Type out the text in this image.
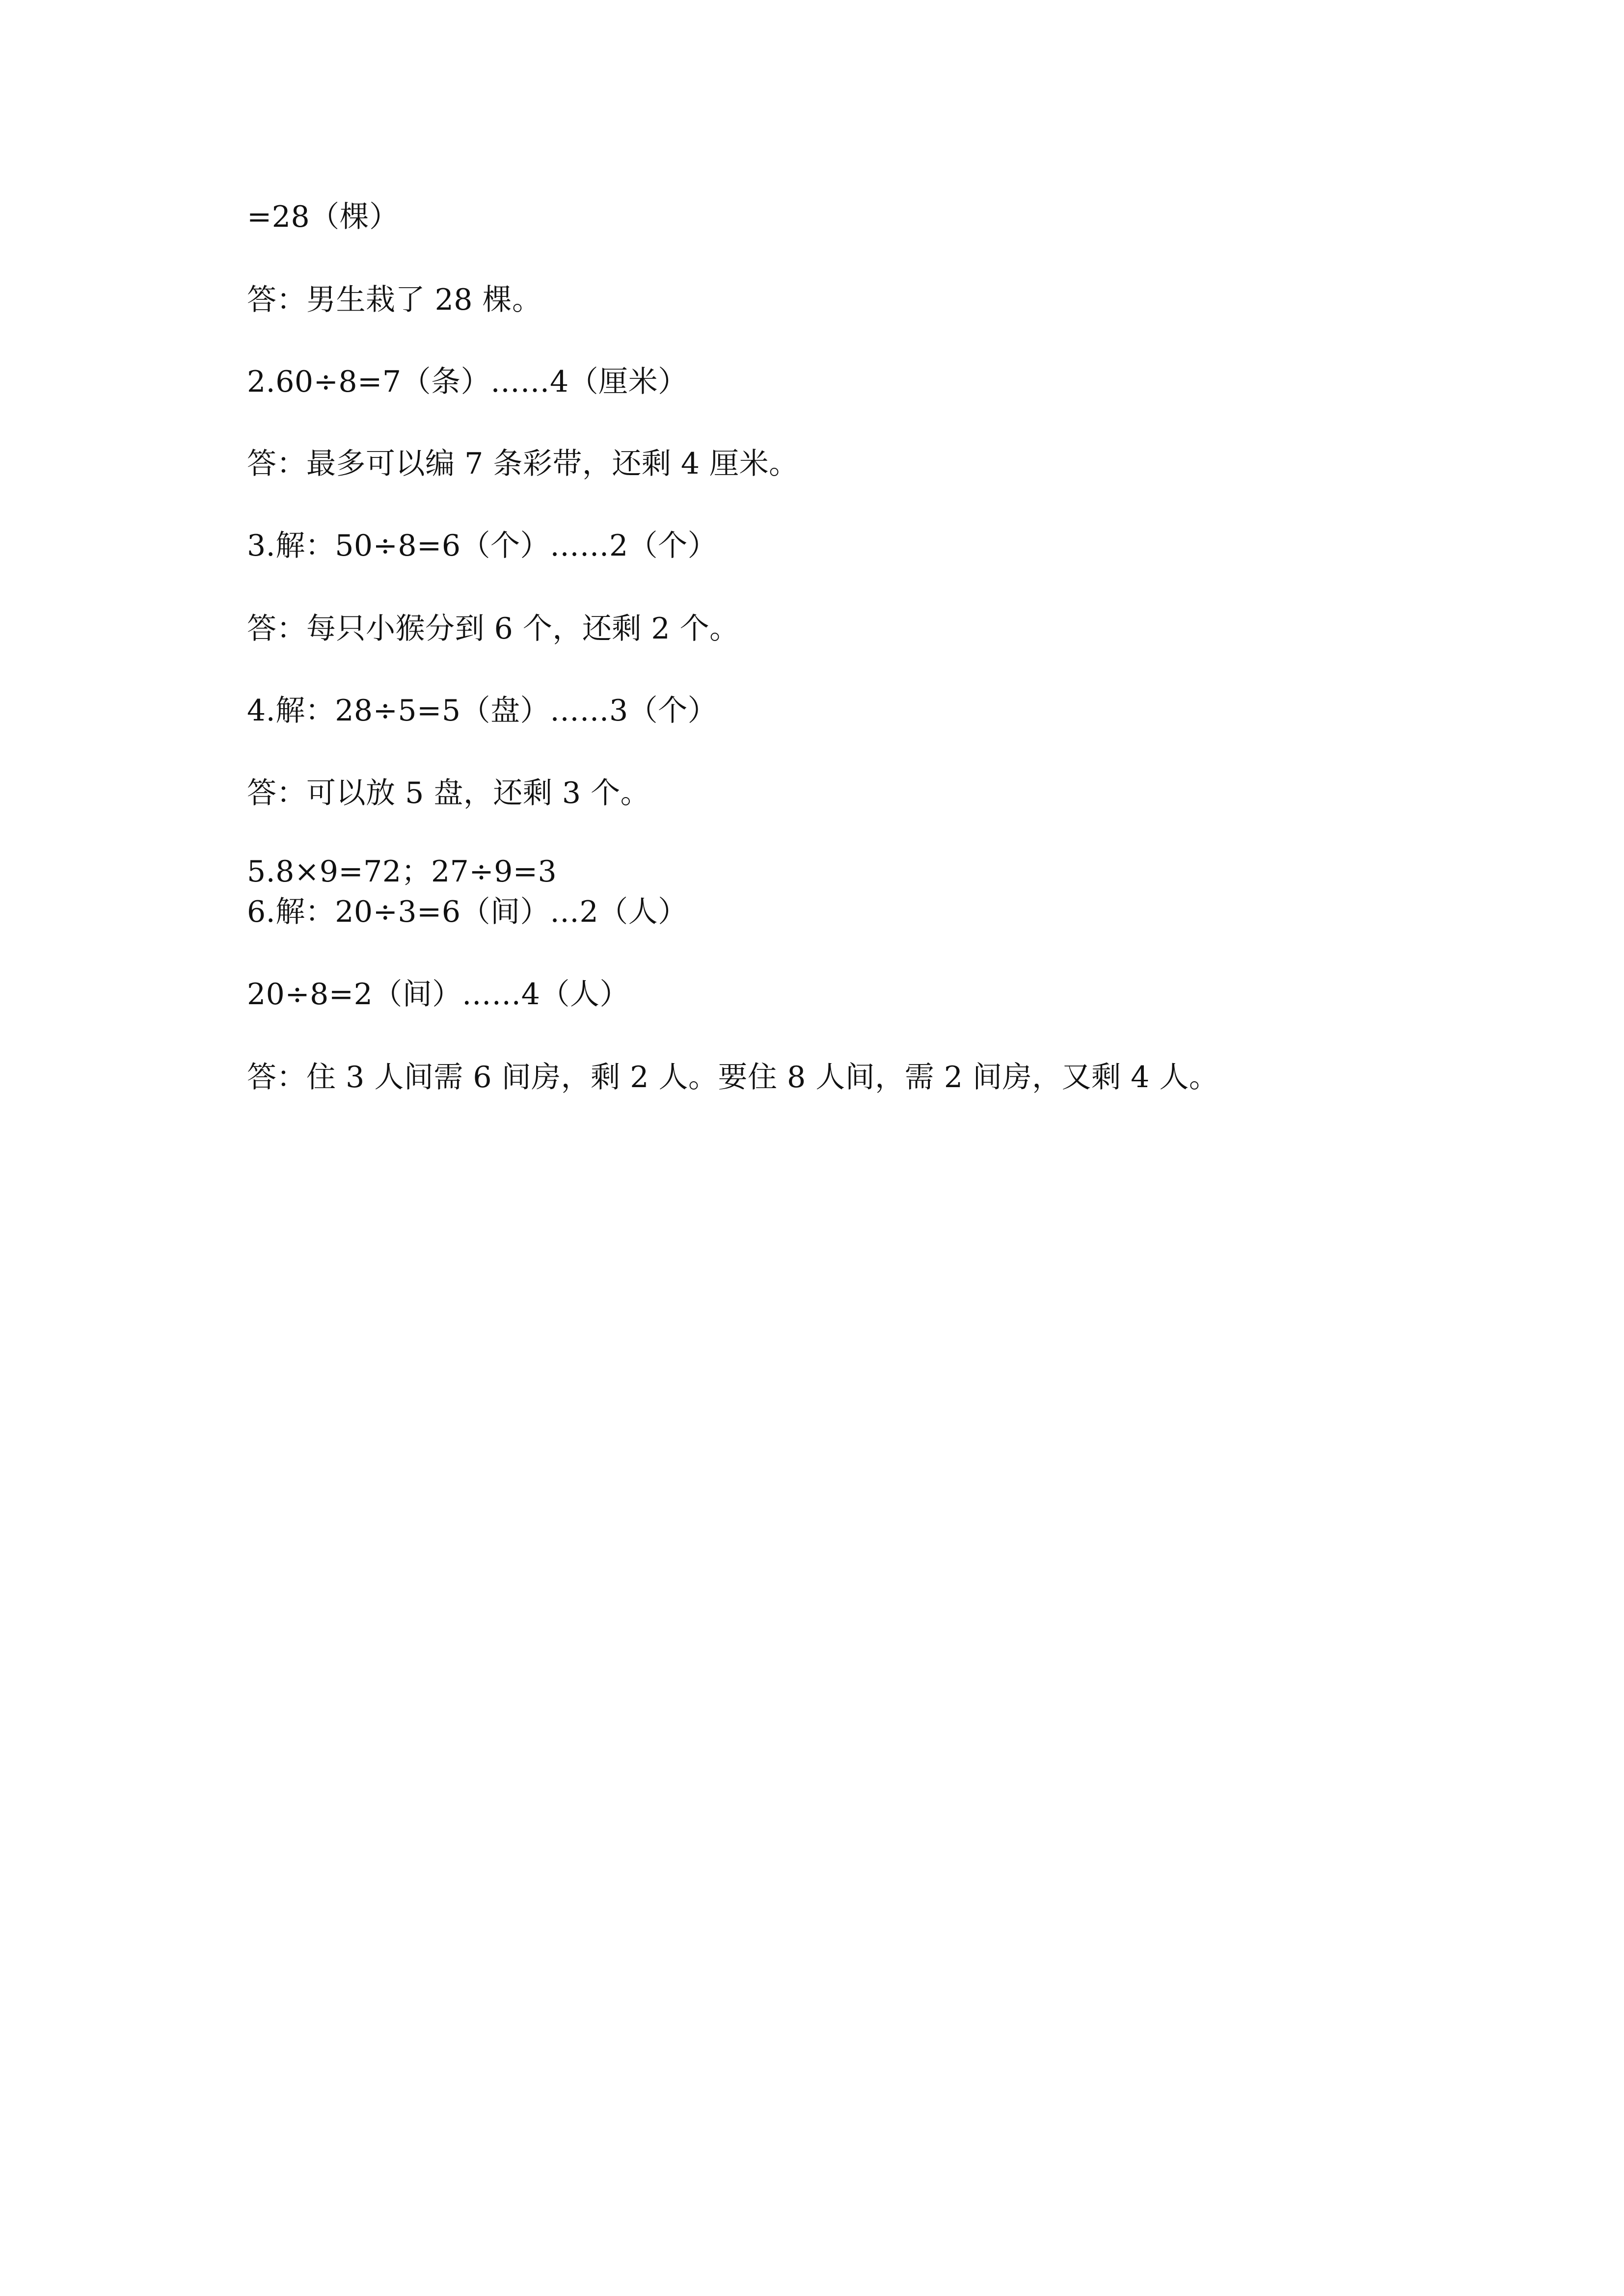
=28（棵）
答：男生栽了 28 棵。
2.60÷8=7（条）……4（厘米）
答：最多可以编 7 条彩带，还剩 4 厘米。
3.解：50÷8=6（个）……2（个）
答：每只小猴分到 6 个，还剩 2 个。
4.解：28÷5=5（盘）……3（个）
答：可以放 5 盘，还剩 3 个。
5.8×9=72；27÷9=3
6.解：20÷3=6（间）…2（人）
20÷8=2（间）……4（人）
答：住 3 人间需 6 间房，剩 2 人。要住 8 人间，需 2 间房，又剩 4 人。
